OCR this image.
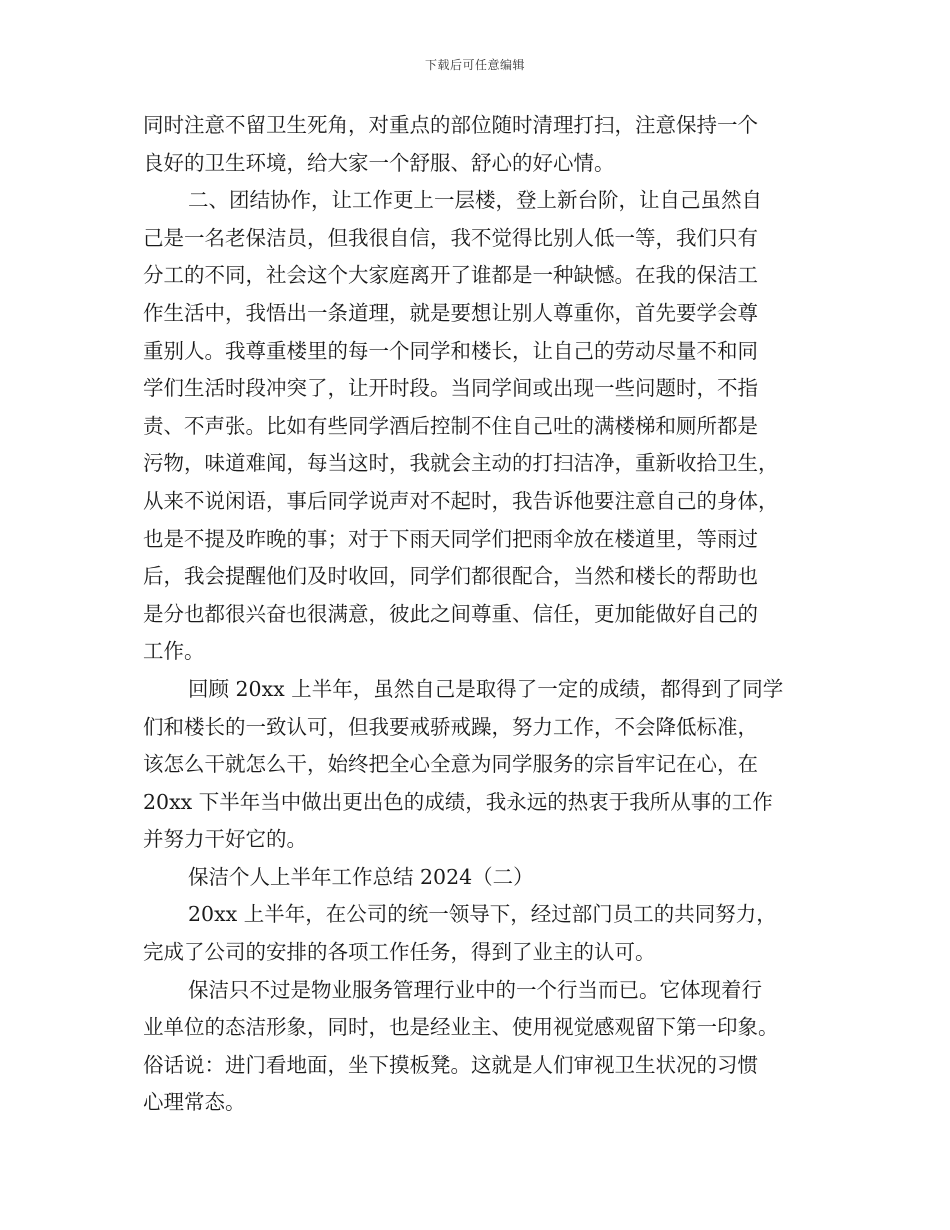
下载后可任意编辑
同时注意不留卫生死角，对重点的部位随时清理打扫，注意保持一个
良好的卫生环境，给大家一个舒服、舒心的好心情。
二、团结协作，让工作更上一层楼，登上新台阶，让自己虽然自
己是一名老保洁员，但我很自信，我不觉得比别人低一等，我们只有
分工的不同，社会这个大家庭离开了谁都是一种缺憾。在我的保洁工
作生活中，我悟出一条道理，就是要想让别人尊重你，首先要学会尊
重别人。我尊重楼里的每一个同学和楼长，让自己的劳动尽量不和同
学们生活时段冲突了，让开时段。当同学间或出现一些问题时，不指
责、不声张。比如有些同学酒后控制不住自己吐的满楼梯和厕所都是
污物，味道难闻，每当这时，我就会主动的打扫洁净，重新收拾卫生，
从来不说闲语，事后同学说声对不起时，我告诉他要注意自己的身体，
也是不提及昨晚的事；对于下雨天同学们把雨伞放在楼道里，等雨过
后，我会提醒他们及时收回，同学们都很配合，当然和楼长的帮助也
是分也都很兴奋也很满意，彼此之间尊重、信任，更加能做好自己的
工作。
回顾 20xx 上半年，虽然自己是取得了一定的成绩，都得到了同学
们和楼长的一致认可，但我要戒骄戒躁，努力工作，不会降低标准，
该怎么干就怎么干，始终把全心全意为同学服务的宗旨牢记在心，在
20xx 下半年当中做出更出色的成绩，我永远的热衷于我所从事的工作
并努力干好它的。
保洁个人上半年工作总结 2024（二）
20xx 上半年，在公司的统一领导下，经过部门员工的共同努力，
完成了公司的安排的各项工作任务，得到了业主的认可。
保洁只不过是物业服务管理行业中的一个行当而已。它体现着行
业单位的态洁形象，同时，也是经业主、使用视觉感观留下第一印象。
俗话说：进门看地面，坐下摸板凳。这就是人们审视卫生状况的习惯
心理常态。
